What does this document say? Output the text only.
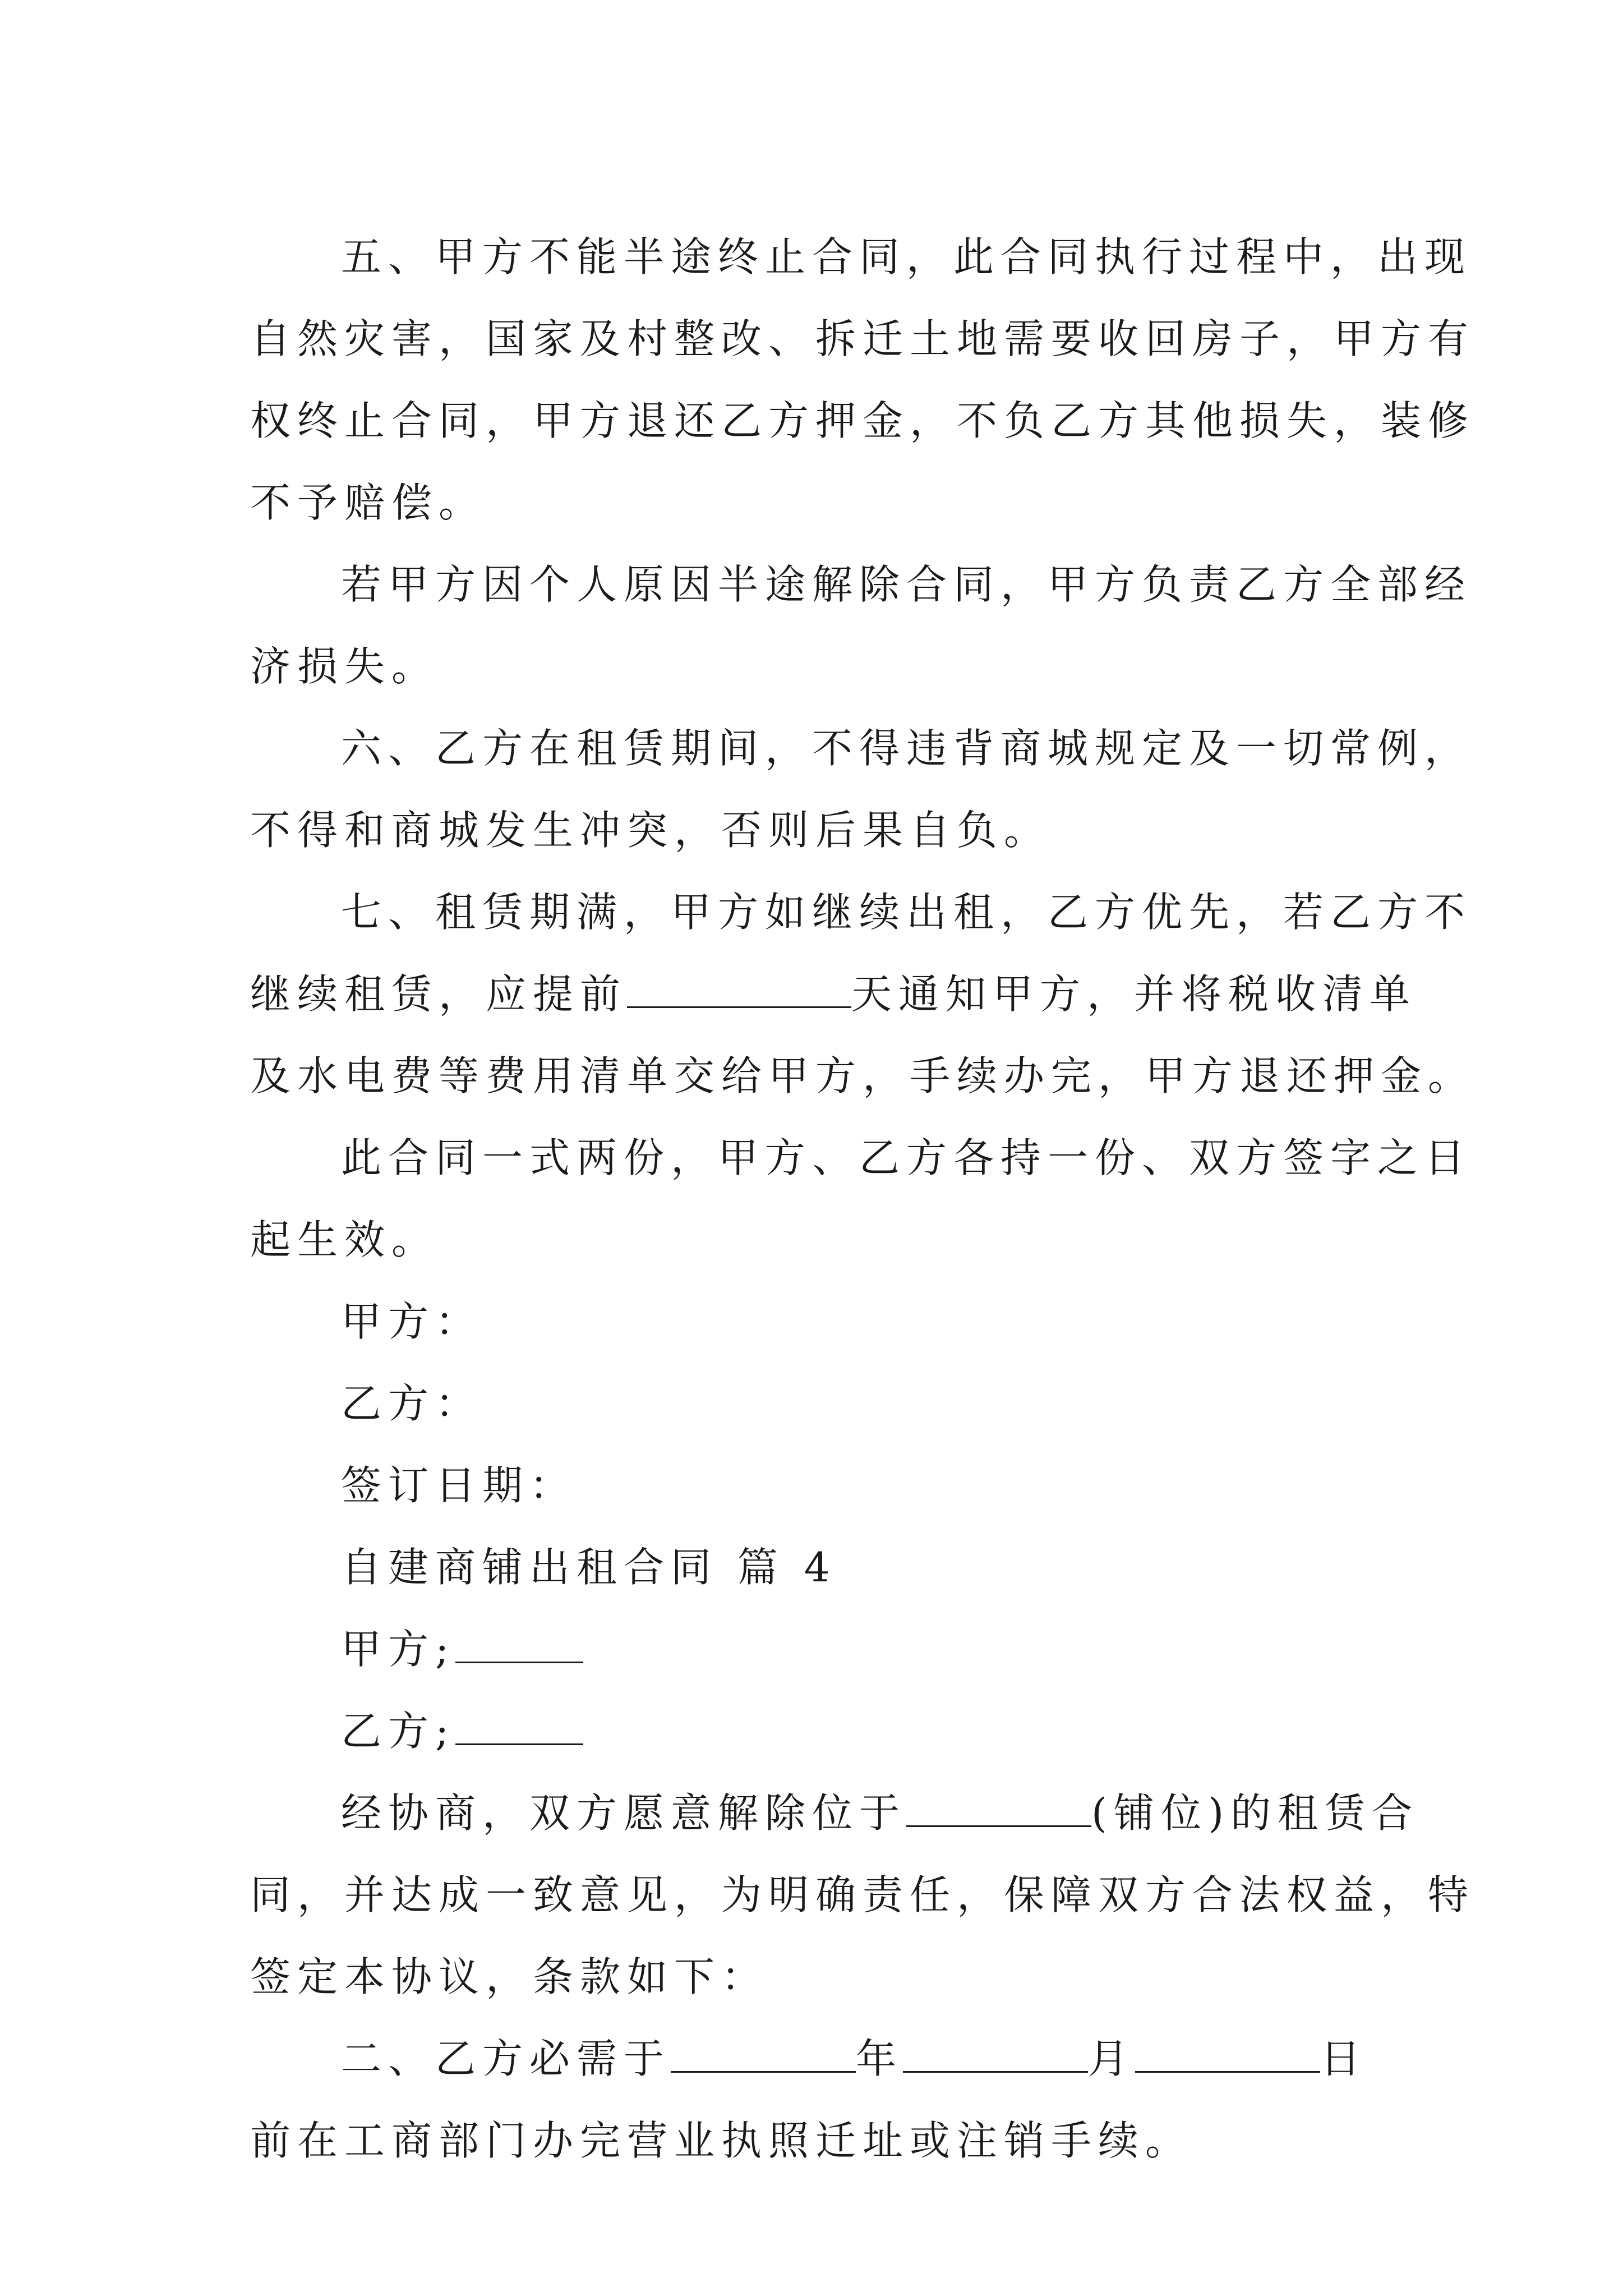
五、甲方不能半途终止合同，此合同执行过程中，出现
自然灾害，国家及村整改、拆迁土地需要收回房子，甲方有
权终止合同，甲方退还乙方押金，不负乙方其他损失，装修
不予赔偿。
若甲方因个人原因半途解除合同，甲方负责乙方全部经
济损失。
六、乙方在租赁期间，不得违背商城规定及一切常例，
不得和商城发生冲突，否则后果自负。
七、租赁期满，甲方如继续出租，乙方优先，若乙方不
继续租赁，应提前	天通知甲方，并将税收清单
及水电费等费用清单交给甲方，手续办完，甲方退还押金。
此合同一式两份，甲方、乙方各持一份、双方签字之日
起生效。
甲方：
乙方：
签订日期：
自建商铺出租合同 篇 4
甲方;
乙方;
经协商，双方愿意解除位于	(铺位)的租赁合
同，并达成一致意见，为明确责任，保障双方合法权益，特
签定本协议，条款如下：
二、乙方必需于	年	月	日
前在工商部门办完营业执照迁址或注销手续。
